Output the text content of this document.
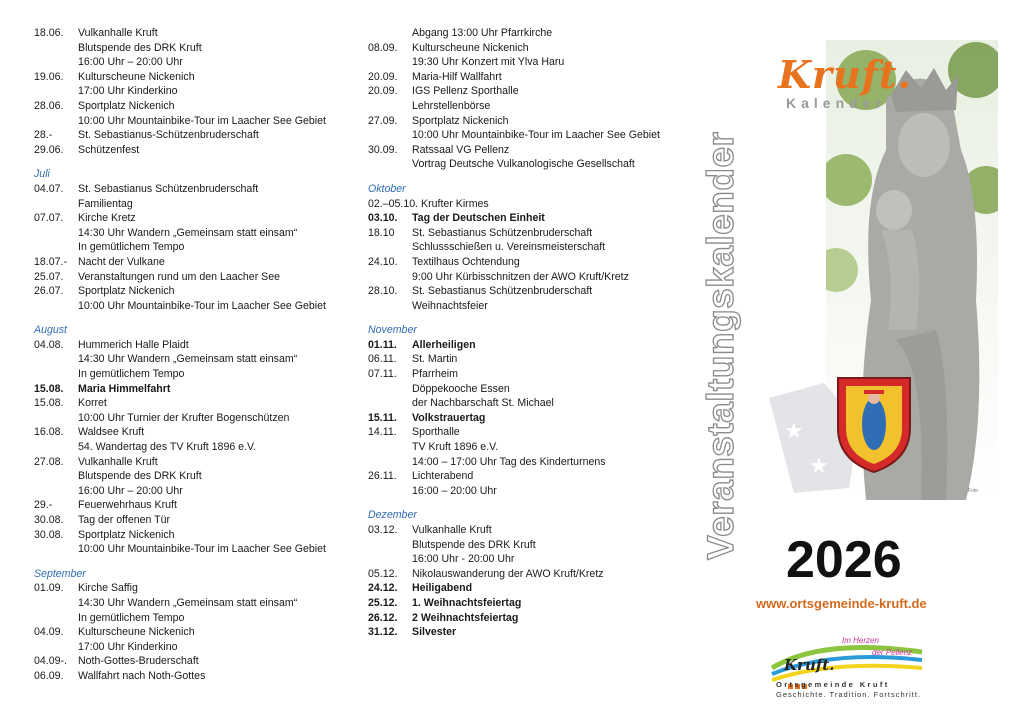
18.06.	Vulkanhalle Kruft
Blutspende des DRK Kruft
16:00 Uhr – 20:00 Uhr
19.06.	Kulturscheune Nickenich
17:00 Uhr Kinderkino
28.06.	Sportplatz Nickenich
10:00 Uhr Mountainbike-Tour im Laacher See Gebiet
28.-	St. Sebastianus-Schützenbruderschaft
29.06.	Schützenfest
Juli
04.07.	St. Sebastianus Schützenbruderschaft
Familientag
07.07.	Kirche Kretz
14:30 Uhr Wandern „Gemeinsam statt einsam“
In gemütlichem Tempo
18.07.-	Nacht der Vulkane
25.07.	Veranstaltungen rund um den Laacher See
26.07.	Sportplatz Nickenich
10:00 Uhr Mountainbike-Tour im Laacher See Gebiet
August
04.08.	Hummerich Halle Plaidt
14:30 Uhr Wandern „Gemeinsam statt einsam“
In gemütlichem Tempo
15.08.	Maria Himmelfahrt
15.08.	Korret
10:00 Uhr Turnier der Krufter Bogenschützen
16.08.	Waldsee Kruft
54. Wandertag des TV Kruft 1896 e.V.
27.08.	Vulkanhalle Kruft
Blutspende des DRK Kruft
16:00 Uhr – 20:00 Uhr
29.-	Feuerwehrhaus Kruft
30.08.	Tag der offenen Tür
30.08.	Sportplatz Nickenich
10:00 Uhr Mountainbike-Tour im Laacher See Gebiet
September
01.09.	Kirche Saffig
14:30 Uhr Wandern „Gemeinsam statt einsam“
In gemütlichem Tempo
04.09.	Kulturscheune Nickenich
17:00 Uhr Kinderkino
04.09-.	Noth-Gottes-Bruderschaft
06.09.	Wallfahrt nach Noth-Gottes
Abgang 13:00 Uhr Pfarrkirche
08.09.	Kulturscheune Nickenich
19:30 Uhr Konzert mit Ylva Haru
20.09.	Maria-Hilf Wallfahrt
20.09.	IGS Pellenz Sporthalle
Lehrstellenbörse
27.09.	Sportplatz Nickenich
10:00 Uhr Mountainbike-Tour im Laacher See Gebiet
30.09.	Ratssaal VG Pellenz
Vortrag Deutsche Vulkanologische Gesellschaft
Oktober
02.–05.10. Krufter Kirmes
03.10.	Tag der Deutschen Einheit
18.10	St. Sebastianus Schützenbruderschaft
Schlussschießen u. Vereinsmeisterschaft
24.10.	Textilhaus Ochtendung
9:00 Uhr Kürbisschnitzen der AWO Kruft/Kretz
28.10.	St. Sebastianus Schützenbruderschaft
Weihnachtsfeier
November
01.11.	Allerheiligen
06.11.	St. Martin
07.11.	Pfarrheim
Döppekooche Essen
der Nachbarschaft St. Michael
15.11.	Volkstrauertag
14.11.	Sporthalle
TV Kruft 1896 e.V.
14:00 – 17:00 Uhr Tag des Kinderturnens
26.11.	Lichterabend
16:00 – 20:00 Uhr
Dezember
03.12.	Vulkanhalle Kruft
Blutspende des DRK Kruft
16:00 Uhr - 20:00 Uhr
05.12.	Nikolauswanderung der AWO Kruft/Kretz
24.12.	Heiligabend
25.12.	1. Weihnachtsfeiertag
26.12.	2 Weihnachtsfeiertag
31.12.	Silvester
Veranstaltungskalender	Foto
★
★
Kruft.
Kalender
2026
www.ortsgemeinde-kruft.de
Im Herzen
der Pellenz
Kruft.
Ortsgemeinde Kruft
Geschichte. Tradition. Fortschritt.
